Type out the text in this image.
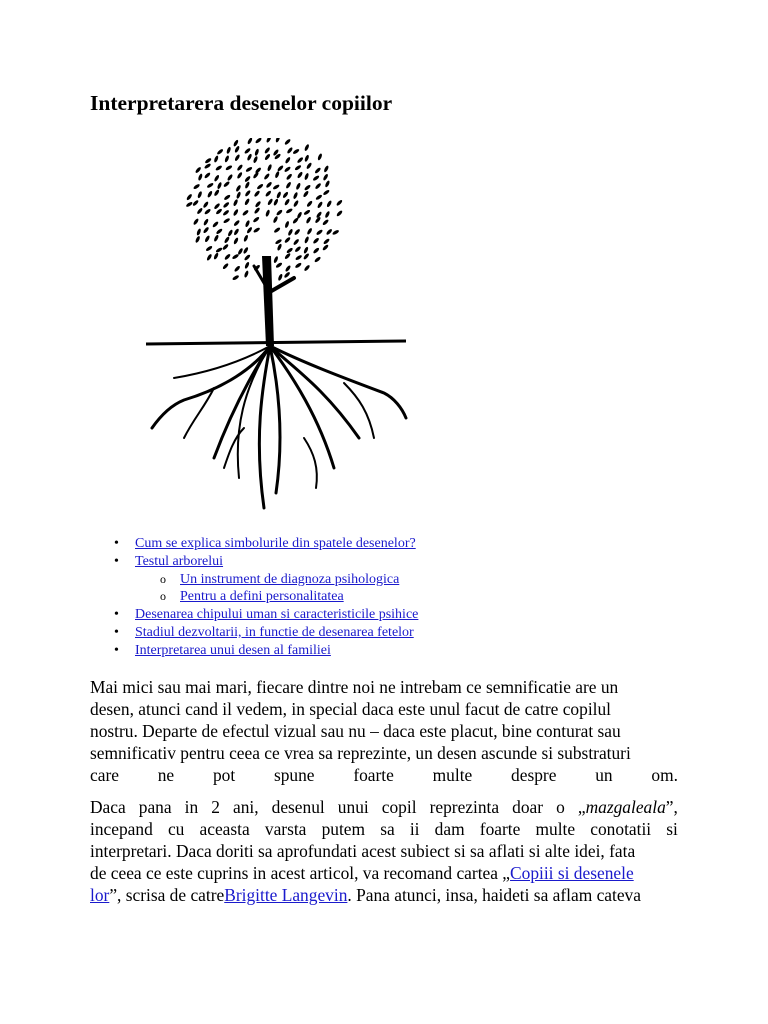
Interpretarera desenelor copiilor
• Cum se explica simbolurile din spatele desenelor?
• Testul arborelui
o Un instrument de diagnoza psihologica
o Pentru a defini personalitatea
• Desenarea chipului uman si caracteristicile psihice
• Stadiul dezvoltarii, in functie de desenarea fetelor
• Interpretarea unui desen al familiei

Mai mici sau mai mari, fiecare dintre noi ne intrebam ce semnificatie are un
desen, atunci cand il vedem, in special daca este unul facut de catre copilul
nostru. Departe de efectul vizual sau nu – daca este placut, bine conturat sau
semnificativ pentru ceea ce vrea sa reprezinte, un desen ascunde si substraturi
care ne pot spune foarte multe despre un om.

Daca pana in 2 ani, desenul unui copil reprezinta doar o „mazgaleala”,
incepand cu aceasta varsta putem sa ii dam foarte multe conotatii si
interpretari. Daca doriti sa aprofundati acest subiect si sa aflati si alte idei, fata
de ceea ce este cuprins in acest articol, va recomand cartea „ Copiii si desenele
lor ”, scrisa de catre Brigitte Langevin . Pana atunci, insa, haideti sa aflam cateva
